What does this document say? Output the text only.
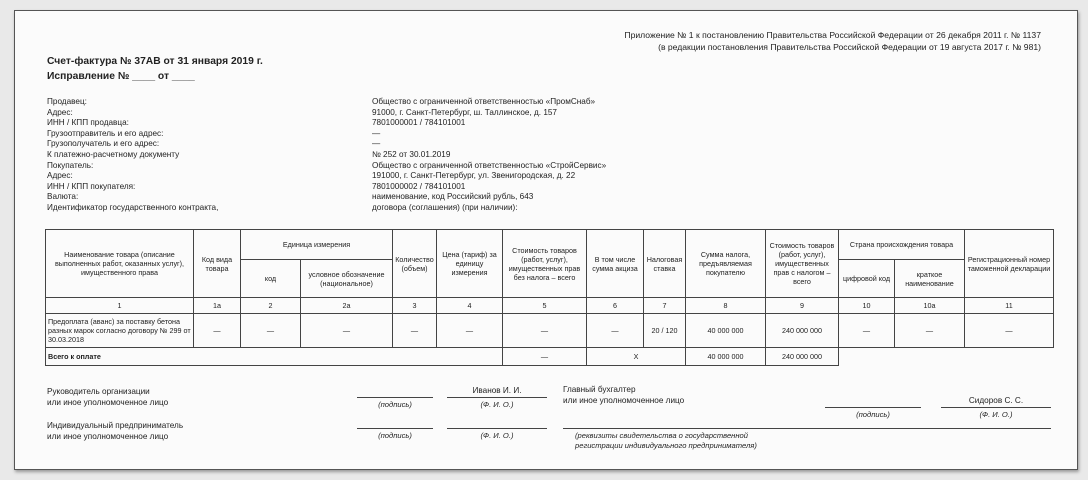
Приложение № 1 к постановлению Правительства Российской Федерации от 26 декабря 2011 г. № 1137
(в редакции постановления Правительства Российской Федерации от 19 августа 2017 г. № 981)
Счет-фактура № 37АВ от 31 января 2019 г.
Исправление № ____ от ____
Продавец:	Общество с ограниченной ответственностью «ПромСнаб»
Адрес:	91000, г. Санкт-Петербург, ш. Таллинское, д. 157
ИНН / КПП продавца:	7801000001 / 784101001
Грузоотправитель и его адрес:	—
Грузополучатель и его адрес:	—
К платежно-расчетному документу	№ 252 от 30.01.2019
Покупатель:	Общество с ограниченной ответственностью «СтройСервис»
Адрес:	191000, г. Санкт-Петербург, ул. Звенигородская, д. 22
ИНН / КПП покупателя:	7801000002 / 784101001
Валюта:	наименование, код Российский рубль, 643
Идентификатор государственного контракта,	договора (соглашения) (при наличии):
Наименование товара (описание выполненных работ, оказанных услуг), имущественного права	Код вида товара	Единица измерения		Количество (объем)	Цена (тариф) за единицу измерения	Стоимость товаров (работ, услуг), имущественных прав без налога – всего	В том числе сумма акциза	Налоговая ставка	Сумма налога, предъявляемая покупателю	Стоимость товаров (работ, услуг), имущественных прав с налогом – всего	Страна происхождения товара		Регистрационный номер таможенной декларации
		код	условное обозначение (национальное)								цифровой код	краткое наименование	
1	1а	2	2а	3	4	5	6	7	8	9	10	10а	11
Предоплата (аванс) за поставку бетона разных марок согласно договору № 299 от 30.03.2018	—	—	—	—	—	—	—	20 / 120	40 000 000	240 000 000	—	—	—
Всего к оплате						—	Х		40 000 000	240 000 000			
Руководитель организации
или иное уполномоченное лицо	(подпись)
Иванов И. И.
(Ф. И. О.)
Главный бухгалтер
или иное уполномоченное лицо
(подпись)
Сидоров С. С.
(Ф. И. О.)
Индивидуальный предприниматель
или иное уполномоченное лицо	(подпись)	(Ф. И. О.)	(реквизиты свидетельства о государственной
регистрации индивидуального предпринимателя)
